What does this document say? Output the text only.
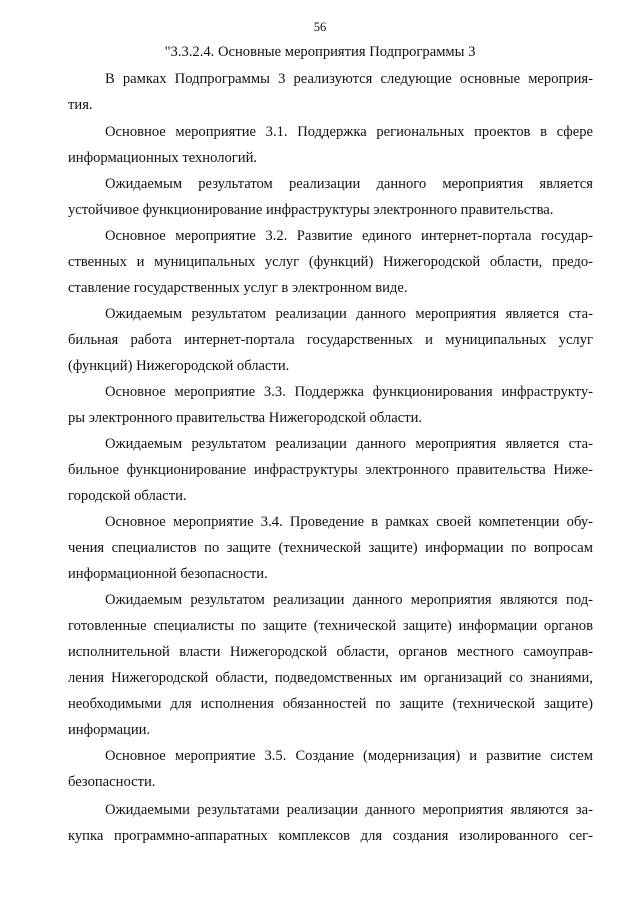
56
"3.3.2.4. Основные мероприятия Подпрограммы 3
В рамках Подпрограммы 3 реализуются следующие основные мероприя-
тия.
Основное мероприятие 3.1. Поддержка региональных проектов в сфере
информационных технологий.
Ожидаемым результатом реализации данного мероприятия является
устойчивое функционирование инфраструктуры электронного правительства.
Основное мероприятие 3.2. Развитие единого интернет-портала государ-
ственных и муниципальных услуг (функций) Нижегородской области, предо-
ставление государственных услуг в электронном виде.
Ожидаемым результатом реализации данного мероприятия является ста-
бильная работа интернет-портала государственных и муниципальных услуг
(функций) Нижегородской области.
Основное мероприятие 3.3. Поддержка функционирования инфраструкту-
ры электронного правительства Нижегородской области.
Ожидаемым результатом реализации данного мероприятия является ста-
бильное функционирование инфраструктуры электронного правительства Ниже-
городской области.
Основное мероприятие 3.4. Проведение в рамках своей компетенции обу-
чения специалистов по защите (технической защите) информации по вопросам
информационной безопасности.
Ожидаемым результатом реализации данного мероприятия являются под-
готовленные специалисты по защите (технической защите) информации органов
исполнительной власти Нижегородской области, органов местного самоуправ-
ления Нижегородской области, подведомственных им организаций со знаниями,
необходимыми для исполнения обязанностей по защите (технической защите)
информации.
Основное мероприятие 3.5. Создание (модернизация) и развитие систем
безопасности.
Ожидаемыми результатами реализации данного мероприятия являются за-
купка программно-аппаратных комплексов для создания изолированного сег-
